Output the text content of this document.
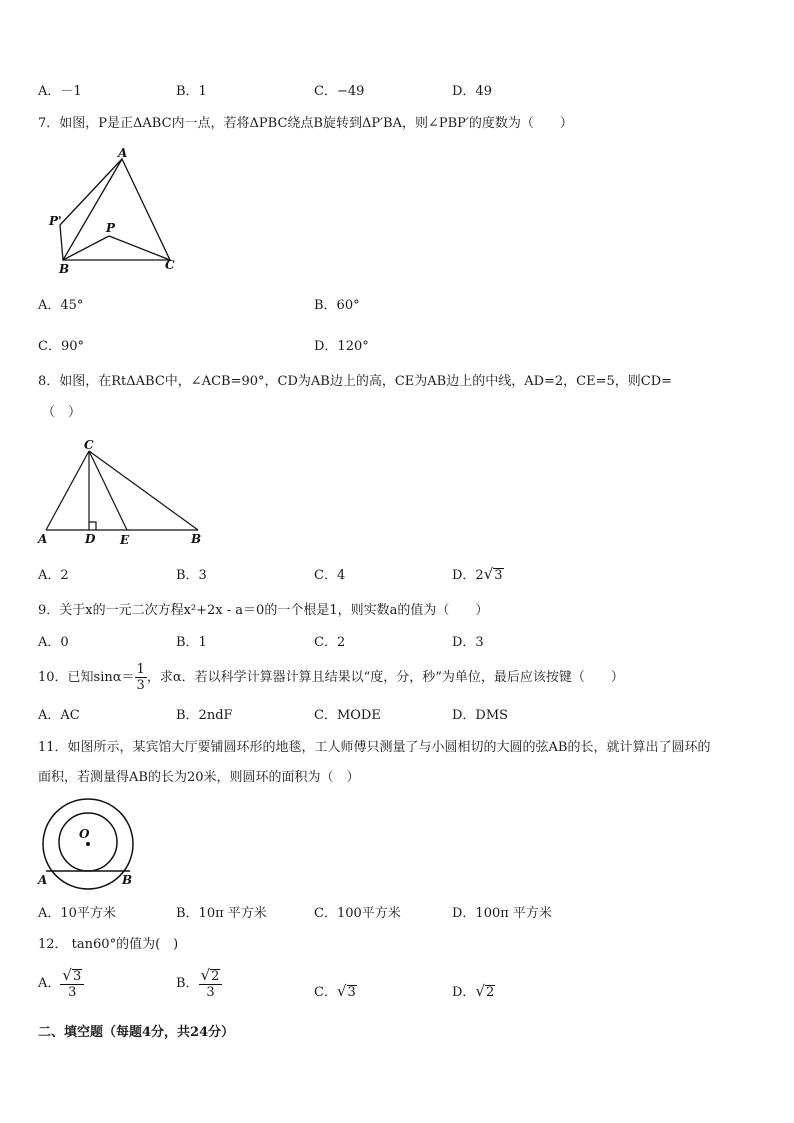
A．－1	B．1	C．−49	D．49
7．如图，P是正ΔABC内一点，若将ΔPBC绕点B旋转到ΔP′BA，则∠PBP′的度数为（　　）
A
P'	P
B	C
A．45°	B．60°
C．90°	D．120°
8．如图，在RtΔABC中，∠ACB=90°，CD为AB边上的高，CE为AB边上的中线，AD=2，CE=5，则CD=
（　）
C
A	D E	B
A．2	B．3	C．4	D．2√3
9．关于x的一元二次方程x²+2x - a＝0的一个根是1，则实数a的值为（　　）
A．0	B．1	C．2	D．3
10．已知$\sin\alpha= \frac{1}{3}$ ，求α．若以科学计算器计算且结果以“度，分，秒”为单位，最后应该按键（　　）
A．AC	B．2ndF	C．MODE	D．DMS
11．如图所示，某宾馆大厅要铺圆环形的地毯，工人师傅只测量了与小圆相切的大圆的弦AB的长，就计算出了圆环的
面积，若测量得AB的长为20米，则圆环的面积为（　）
O
A	B
A．10平方米	B．10π 平方米	C．100平方米	D．100π 平方米
12． tan60°的值为(　)
A． $\frac{√3}{3}$	B． $\frac{√2}{3}$	C．√3	D．√2
二、填空题（每题4分，共24分）
